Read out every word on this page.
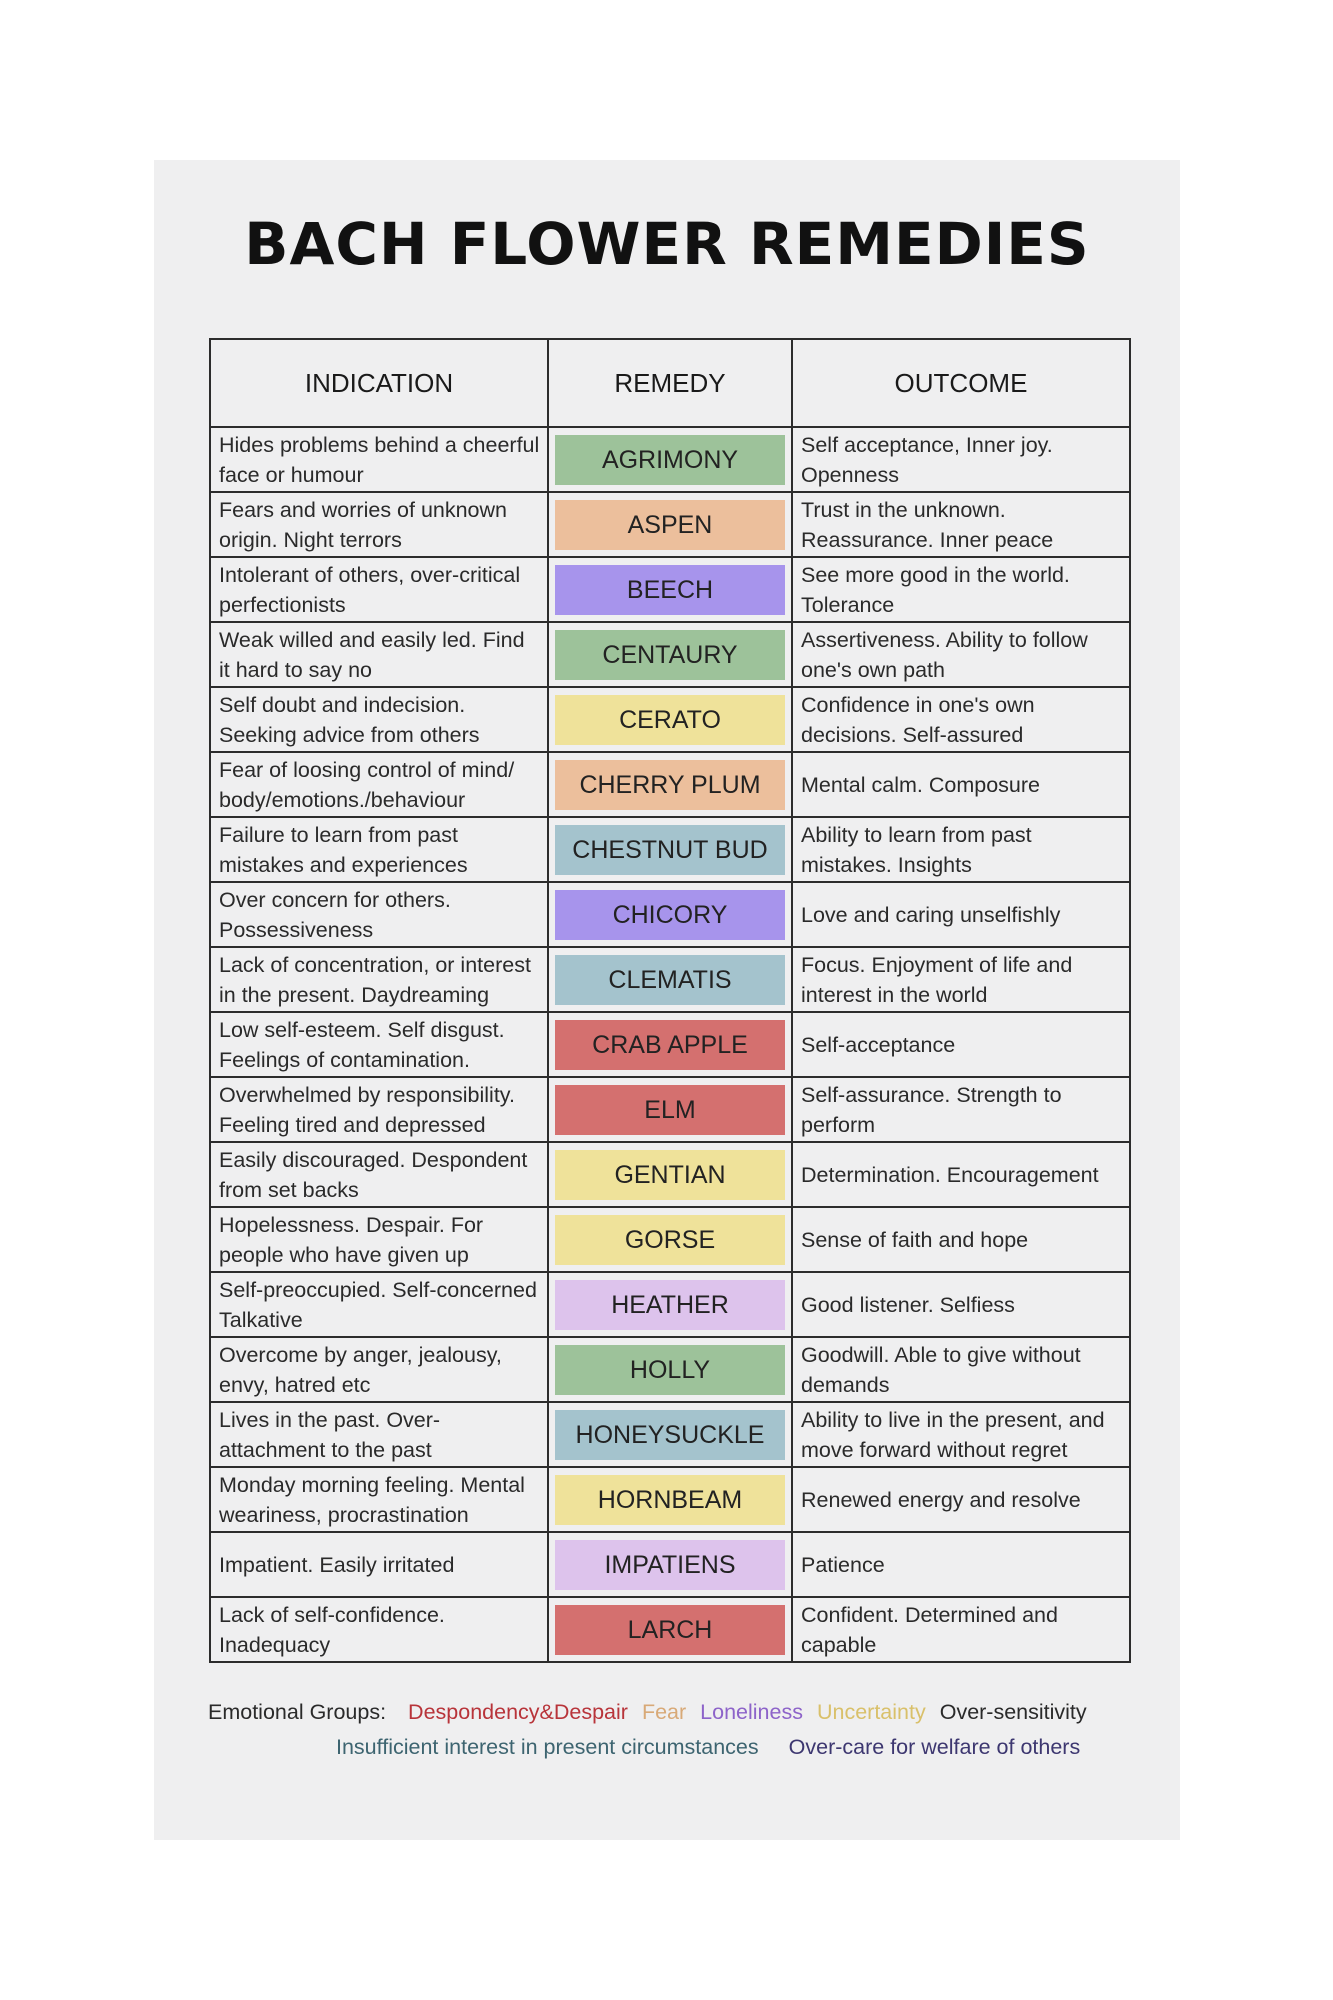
BACH FLOWER REMEDIES
INDICATION	REMEDY	OUTCOME
Hides problems behind a cheerful face or humour	AGRIMONY	Self acceptance, Inner joy. Openness
Fears and worries of unknown origin. Night terrors	ASPEN	Trust in the unknown. Reassurance. Inner peace
Intolerant of others, over-critical perfectionists	BEECH	See more good in the world. Tolerance
Weak willed and easily led. Find it hard to say no	CENTAURY	Assertiveness. Ability to follow one's own path
Self doubt and indecision. Seeking advice from others	CERATO	Confidence in one's own decisions. Self-assured
Fear of loosing control of mind/ body/emotions./behaviour	CHERRY PLUM	Mental calm. Composure
Failure to learn from past mistakes and experiences	CHESTNUT BUD	Ability to learn from past mistakes. Insights
Over concern for others. Possessiveness	CHICORY	Love and caring unselfishly
Lack of concentration, or interest in the present. Daydreaming	CLEMATIS	Focus. Enjoyment of life and interest in the world
Low self-esteem. Self disgust. Feelings of contamination.	CRAB APPLE	Self-acceptance
Overwhelmed by responsibility. Feeling tired and depressed	ELM	Self-assurance. Strength to perform
Easily discouraged. Despondent from set backs	GENTIAN	Determination. Encouragement
Hopelessness. Despair. For people who have given up	GORSE	Sense of faith and hope
Self-preoccupied. Self-concerned Talkative	HEATHER	Good listener. Selfiess
Overcome by anger, jealousy, envy, hatred etc	HOLLY	Goodwill. Able to give without demands
Lives in the past. Over-attachment to the past	HONEYSUCKLE	Ability to live in the present, and move forward without regret
Monday morning feeling. Mental weariness, procrastination	HORNBEAM	Renewed energy and resolve
Impatient. Easily irritated	IMPATIENS	Patience
Lack of self-confidence. Inadequacy	LARCH	Confident. Determined and capable
Emotional Groups: Despondency&Despair Fear Loneliness Uncertainty Over-sensitivity
Insufficient interest in present circumstances Over-care for welfare of others
